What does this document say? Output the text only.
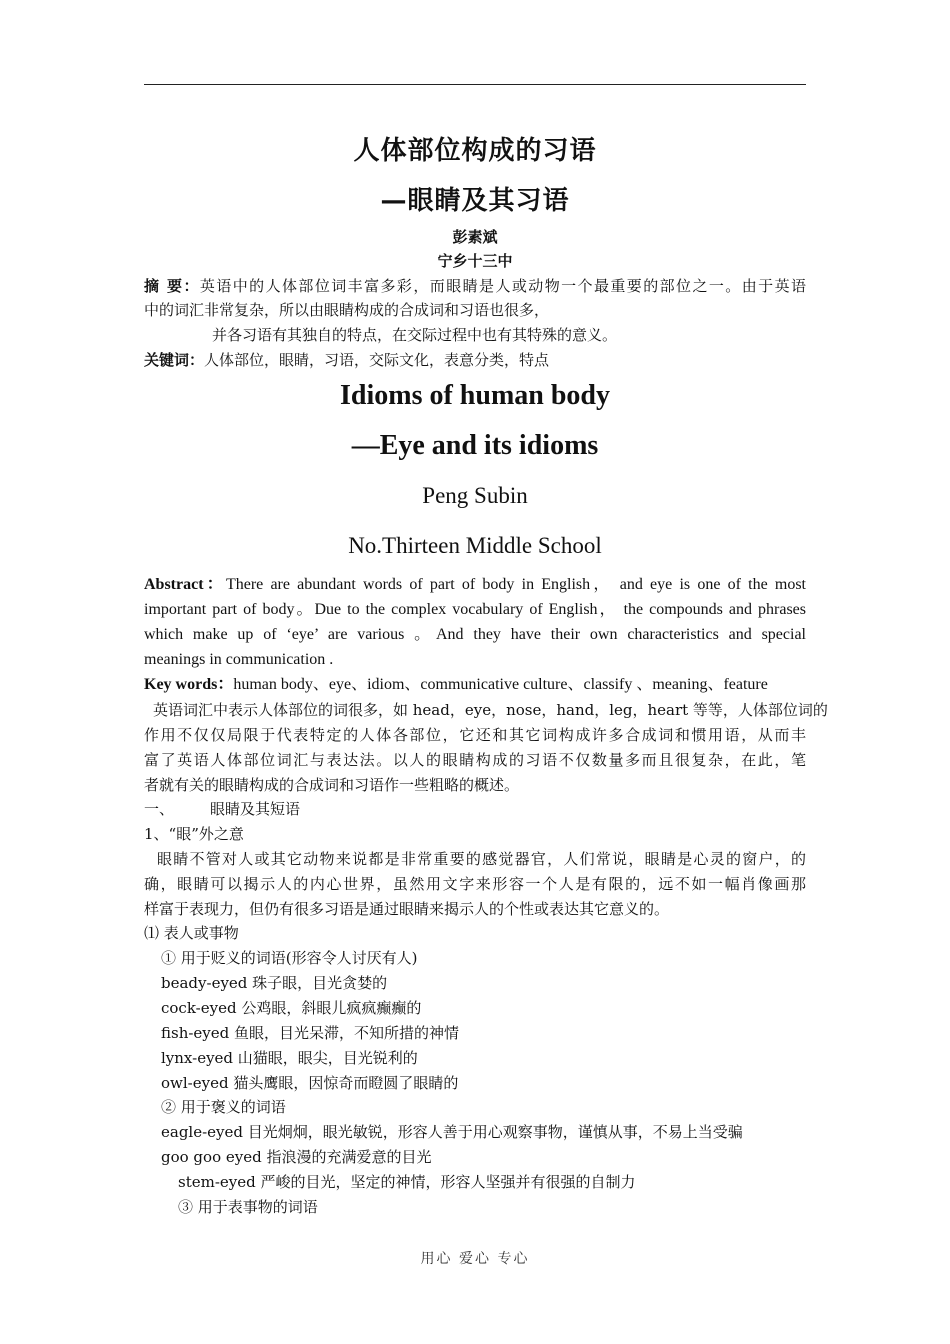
人体部位构成的习语
—眼睛及其习语
彭素斌
宁乡十三中
摘 要：英语中的人体部位词丰富多彩，而眼睛是人或动物一个最重要的部位之一。由于英语
中的词汇非常复杂，所以由眼睛构成的合成词和习语也很多，
并各习语有其独自的特点，在交际过程中也有其特殊的意义。
关键词：人体部位，眼睛，习语，交际文化，表意分类，特点
Idioms of human body
—Eye and its idioms
Peng Subin
No.Thirteen Middle School
Abstract：There are abundant words of part of body in English， and eye is one of the most
important part of body。Due to the complex vocabulary of English， the compounds and phrases
which make up of ‘eye’ are various 。And they have their own characteristics and special
meanings in communication .
Key words：human body、eye、idiom、communicative culture、classify 、meaning、feature
英语词汇中表示人体部位的词很多，如 head，eye，nose，hand，leg，heart 等等，人体部位词的
作用不仅仅局限于代表特定的人体各部位，它还和其它词构成许多合成词和惯用语，从而丰
富了英语人体部位词汇与表达法。以人的眼睛构成的习语不仅数量多而且很复杂，在此，笔
者就有关的眼睛构成的合成词和习语作一些粗略的概述。
一、 眼睛及其短语
1、“眼”外之意
眼睛不管对人或其它动物来说都是非常重要的感觉器官，人们常说，眼睛是心灵的窗户，的
确，眼睛可以揭示人的内心世界，虽然用文字来形容一个人是有限的，远不如一幅肖像画那
样富于表现力，但仍有很多习语是通过眼睛来揭示人的个性或表达其它意义的。
⑴ 表人或事物
① 用于贬义的词语(形容令人讨厌有人)
beady-eyed 珠子眼，目光贪婪的
cock-eyed 公鸡眼，斜眼儿疯疯癫癫的
fish-eyed 鱼眼，目光呆滞，不知所措的神情
lynx-eyed 山猫眼，眼尖，目光锐利的
owl-eyed 猫头鹰眼，因惊奇而瞪圆了眼睛的
② 用于褒义的词语
eagle-eyed 目光炯炯，眼光敏锐，形容人善于用心观察事物，谨慎从事，不易上当受骗
goo goo eyed 指浪漫的充满爱意的目光
stem-eyed 严峻的目光，坚定的神情，形容人坚强并有很强的自制力
③ 用于表事物的词语
用心 爱心 专心
